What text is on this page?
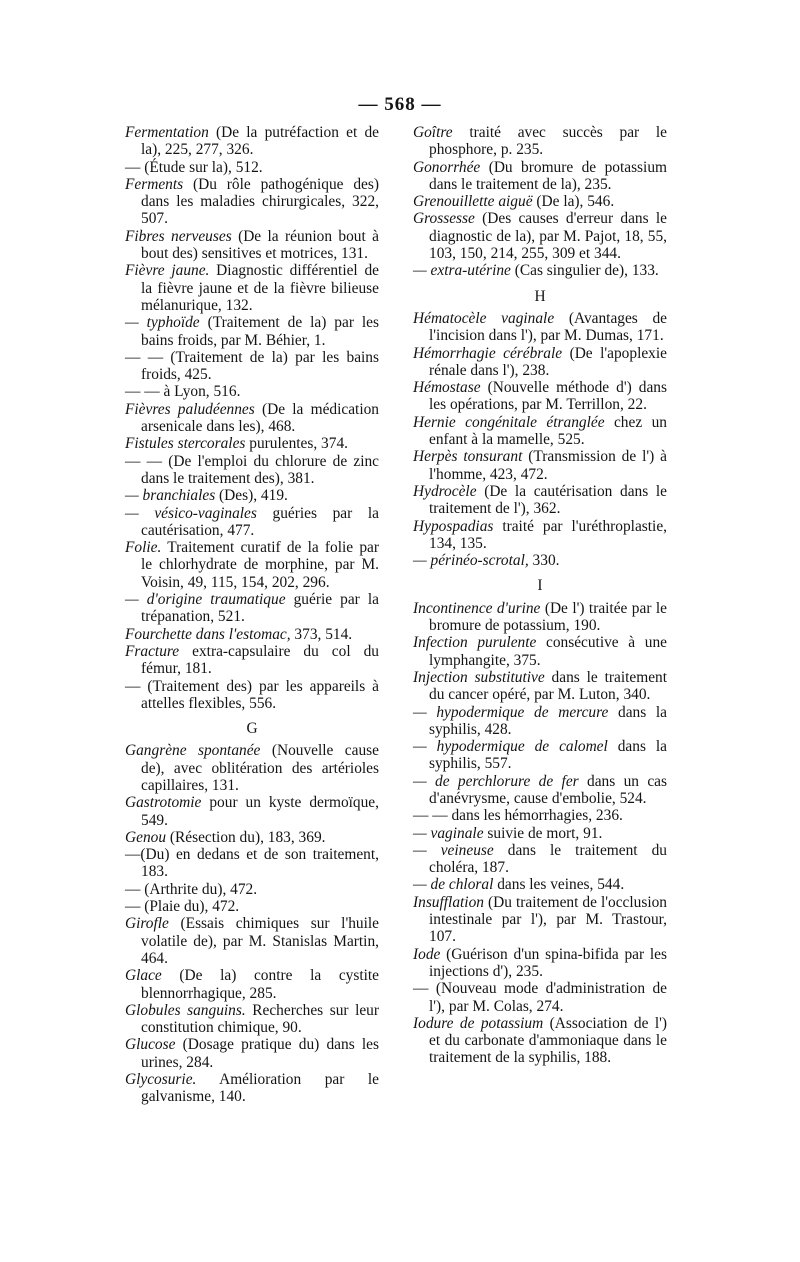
— 568 —

Fermentation (De la putréfaction et de la), 225, 277, 326.

— (Étude sur la), 512.

Ferments (Du rôle pathogénique des) dans les maladies chirurgicales, 322, 507.

Fibres nerveuses (De la réunion bout à bout des) sensitives et motrices, 131.

Fièvre jaune. Diagnostic différentiel de la fièvre jaune et de la fièvre bilieuse mélanurique, 132.

— typhoïde (Traitement de la) par les bains froids, par M. Béhier, 1.

— — (Traitement de la) par les bains froids, 425.

— — à Lyon, 516.

Fièvres paludéennes (De la médication arsenicale dans les), 468.

Fistules stercorales purulentes, 374.

— — (De l'emploi du chlorure de zinc dans le traitement des), 381.

— branchiales (Des), 419.

— vésico-vaginales guéries par la cautérisation, 477.

Folie. Traitement curatif de la folie par le chlorhydrate de morphine, par M. Voisin, 49, 115, 154, 202, 296.

— d'origine traumatique guérie par la trépanation, 521.

Fourchette dans l'estomac, 373, 514.

Fracture extra-capsulaire du col du fémur, 181.

— (Traitement des) par les appareils à attelles flexibles, 556.

G

Gangrène spontanée (Nouvelle cause de), avec oblitération des artérioles capillaires, 131.

Gastrotomie pour un kyste dermoïque, 549.

Genou (Résection du), 183, 369.

—(Du) en dedans et de son traitement, 183.

— (Arthrite du), 472.

— (Plaie du), 472.

Girofle (Essais chimiques sur l'huile volatile de), par M. Stanislas Martin, 464.

Glace (De la) contre la cystite blennorrhagique, 285.

Globules sanguins. Recherches sur leur constitution chimique, 90.

Glucose (Dosage pratique du) dans les urines, 284.

Glycosurie. Amélioration par le galvanisme, 140.

Goître traité avec succès par le phosphore, p. 235.

Gonorrhée (Du bromure de potassium dans le traitement de la), 235.

Grenouillette aiguë (De la), 546.

Grossesse (Des causes d'erreur dans le diagnostic de la), par M. Pajot, 18, 55, 103, 150, 214, 255, 309 et 344.

— extra-utérine (Cas singulier de), 133.

H

Hématocèle vaginale (Avantages de l'incision dans l'), par M. Dumas, 171.

Hémorrhagie cérébrale (De l'apoplexie rénale dans l'), 238.

Hémostase (Nouvelle méthode d') dans les opérations, par M. Terrillon, 22.

Hernie congénitale étranglée chez un enfant à la mamelle, 525.

Herpès tonsurant (Transmission de l') à l'homme, 423, 472.

Hydrocèle (De la cautérisation dans le traitement de l'), 362.

Hypospadias traité par l'uréthroplastie, 134, 135.

— périnéo-scrotal, 330.

I

Incontinence d'urine (De l') traitée par le bromure de potassium, 190.

Infection purulente consécutive à une lymphangite, 375.

Injection substitutive dans le traitement du cancer opéré, par M. Luton, 340.

— hypodermique de mercure dans la syphilis, 428.

— hypodermique de calomel dans la syphilis, 557.

— de perchlorure de fer dans un cas d'anévrysme, cause d'embolie, 524.

— — dans les hémorrhagies, 236.

— vaginale suivie de mort, 91.

— veineuse dans le traitement du choléra, 187.

— de chloral dans les veines, 544.

Insufflation (Du traitement de l'occlusion intestinale par l'), par M. Trastour, 107.

Iode (Guérison d'un spina-bifida par les injections d'), 235.

— (Nouveau mode d'administration de l'), par M. Colas, 274.

Iodure de potassium (Association de l') et du carbonate d'ammoniaque dans le traitement de la syphilis, 188.
